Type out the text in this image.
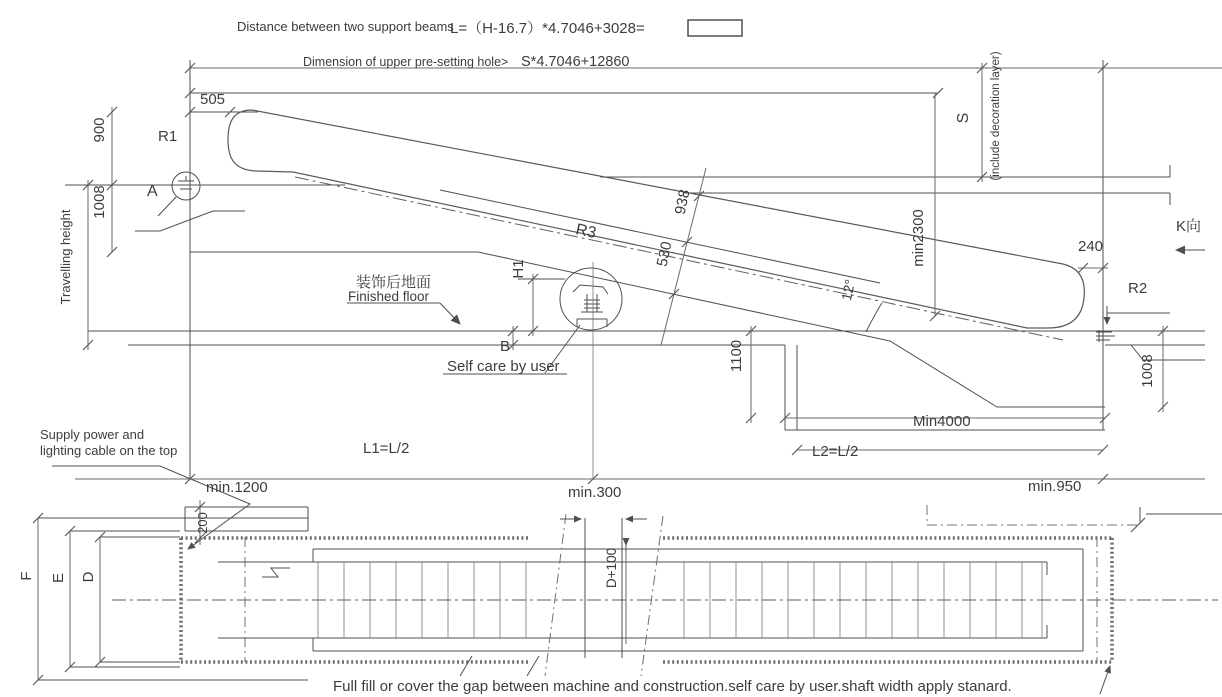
Distance between two support beams
L=（H-16.7）*4.7046+3028=
Dimension of upper pre-setting hole> S*4.7046+12860
505
R1
A
900
1008
Travelling height	R3
938
530
H1
B
装饰后地面
Finished floor
Self care by user
12°
S (include decoration layer)
min2300	240
K向
R2
1008
1100
Min4000
Supply power and
lighting cable on the top	L1=L/2	L2=L/2
min.1200	min.300	min.950
F E D
200
D+100
Full fill or cover the gap between machine and construction.self care by user.shaft width apply stanard.
